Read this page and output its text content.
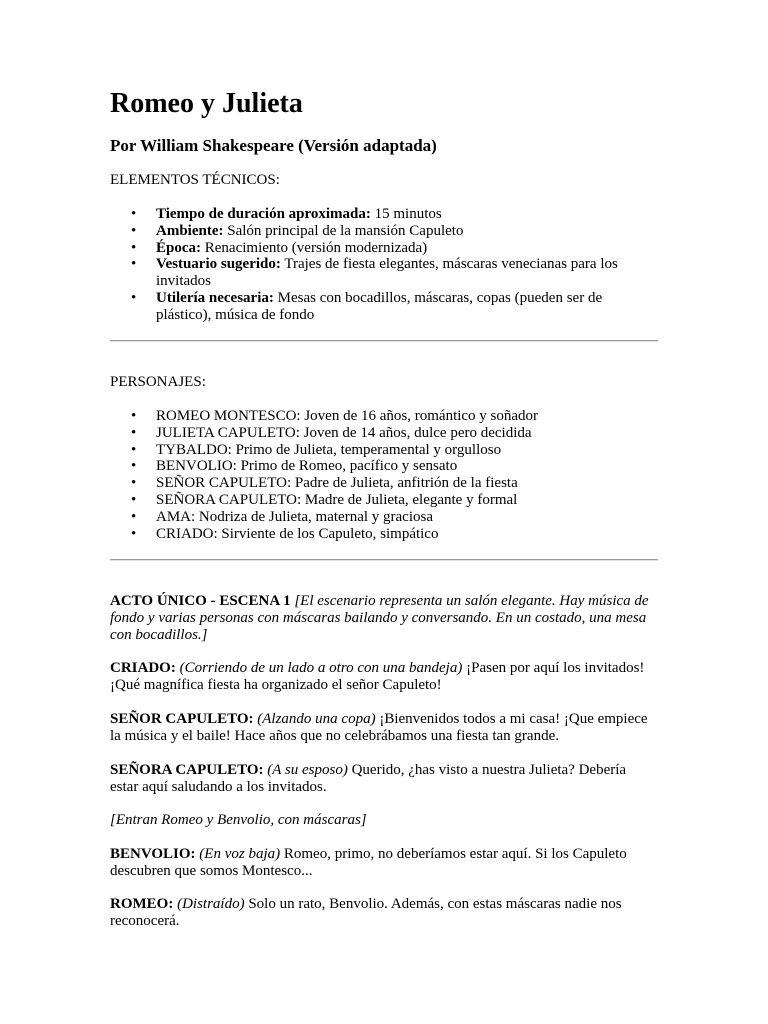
Romeo y Julieta
Por William Shakespeare (Versión adaptada)
ELEMENTOS TÉCNICOS:
• Tiempo de duración aproximada: 15 minutos
• Ambiente: Salón principal de la mansión Capuleto
• Época: Renacimiento (versión modernizada)
• Vestuario sugerido: Trajes de fiesta elegantes, máscaras venecianas para los invitados
• Utilería necesaria: Mesas con bocadillos, máscaras, copas (pueden ser de plástico), música de fondo
PERSONAJES:
• ROMEO MONTESCO: Joven de 16 años, romántico y soñador
• JULIETA CAPULETO: Joven de 14 años, dulce pero decidida
• TYBALDO: Primo de Julieta, temperamental y orgulloso
• BENVOLIO: Primo de Romeo, pacífico y sensato
• SEÑOR CAPULETO: Padre de Julieta, anfitrión de la fiesta
• SEÑORA CAPULETO: Madre de Julieta, elegante y formal
• AMA: Nodriza de Julieta, maternal y graciosa
• CRIADO: Sirviente de los Capuleto, simpático

ACTO ÚNICO - ESCENA 1 [El escenario representa un salón elegante. Hay música de fondo y varias personas con máscaras bailando y conversando. En un costado, una mesa con bocadillos.]

CRIADO: (Corriendo de un lado a otro con una bandeja) ¡Pasen por aquí los invitados! ¡Qué magnífica fiesta ha organizado el señor Capuleto!

SEÑOR CAPULETO: (Alzando una copa) ¡Bienvenidos todos a mi casa! ¡Que empiece la música y el baile! Hace años que no celebrábamos una fiesta tan grande.

SEÑORA CAPULETO: (A su esposo) Querido, ¿has visto a nuestra Julieta? Debería estar aquí saludando a los invitados.

[Entran Romeo y Benvolio, con máscaras]

BENVOLIO: (En voz baja) Romeo, primo, no deberíamos estar aquí. Si los Capuleto descubren que somos Montesco...

ROMEO: (Distraído) Solo un rato, Benvolio. Además, con estas máscaras nadie nos reconocerá.
